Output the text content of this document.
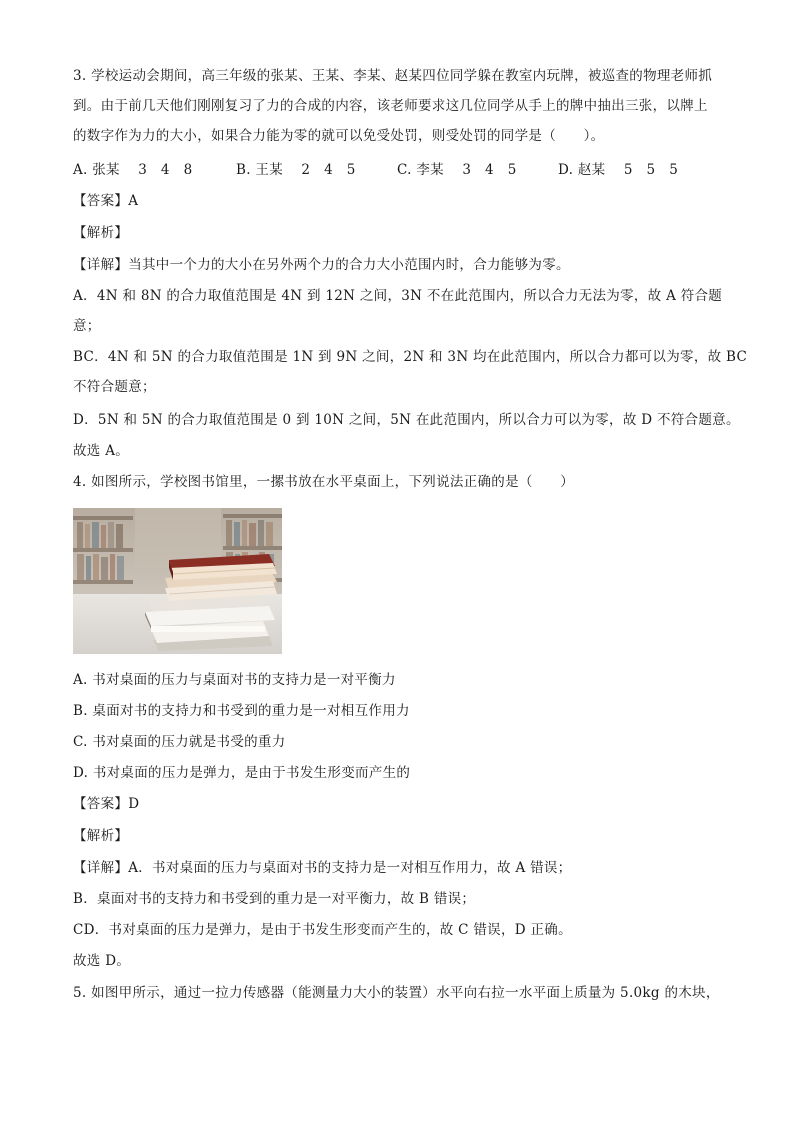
3. 学校运动会期间，高三年级的张某、王某、李某、赵某四位同学躲在教室内玩牌，被巡查的物理老师抓
到。由于前几天他们刚刚复习了力的合成的内容，该老师要求这几位同学从手上的牌中抽出三张，以牌上
的数字作为力的大小，如果合力能为零的就可以免受处罚，则受处罚的同学是（　　）。
A. 张某　 3　4　8	B. 王某　 2　4　5	C. 李某　 3　4　5	D. 赵某　 5　5　5
【答案】A
【解析】
【详解】当其中一个力的大小在另外两个力的合力大小范围内时，合力能够为零。
A．4N 和 8N 的合力取值范围是 4N 到 12N 之间，3N 不在此范围内，所以合力无法为零，故 A 符合题
意；
BC．4N 和 5N 的合力取值范围是 1N 到 9N 之间，2N 和 3N 均在此范围内，所以合力都可以为零，故 BC
不符合题意；
D．5N 和 5N 的合力取值范围是 0 到 10N 之间，5N 在此范围内，所以合力可以为零，故 D 不符合题意。
故选 A。
4. 如图所示，学校图书馆里，一摞书放在水平桌面上，下列说法正确的是（　　）
A. 书对桌面的压力与桌面对书的支持力是一对平衡力
B. 桌面对书的支持力和书受到的重力是一对相互作用力
C. 书对桌面的压力就是书受的重力
D. 书对桌面的压力是弹力，是由于书发生形变而产生的
【答案】D
【解析】
【详解】A．书对桌面的压力与桌面对书的支持力是一对相互作用力，故 A 错误；
B．桌面对书的支持力和书受到的重力是一对平衡力，故 B 错误；
CD．书对桌面的压力是弹力，是由于书发生形变而产生的，故 C 错误，D 正确。
故选 D。
5. 如图甲所示，通过一拉力传感器（能测量力大小的装置）水平向右拉一水平面上质量为 5.0kg 的木块，
